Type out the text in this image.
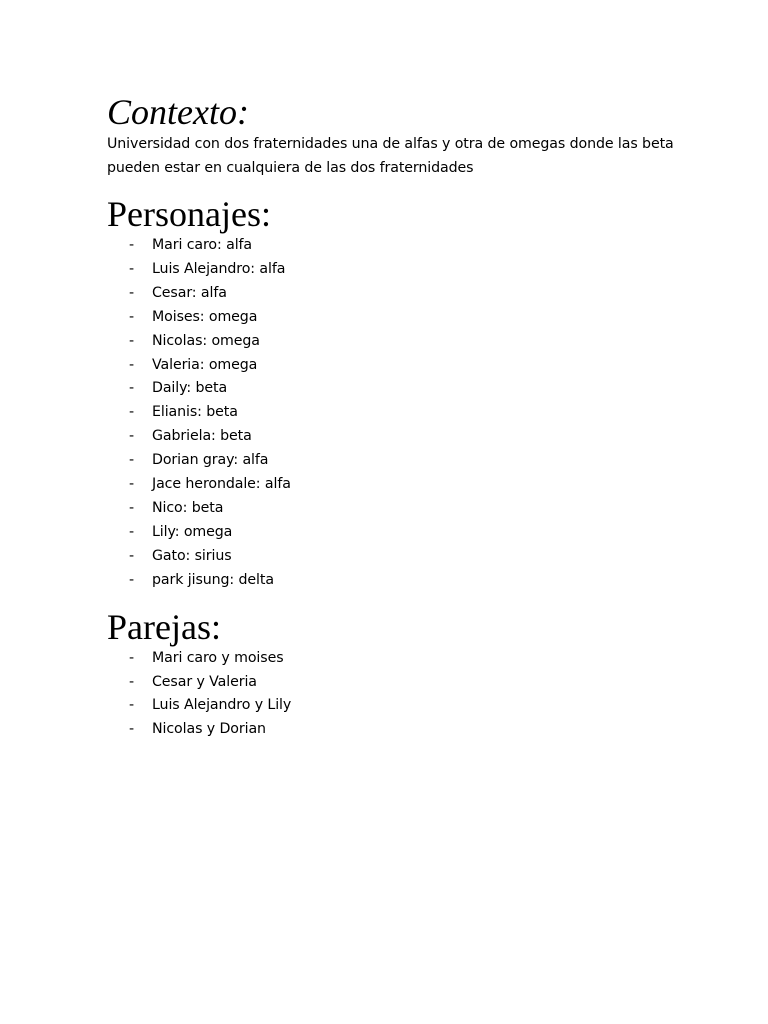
Contexto:

Universidad con dos fraternidades una de alfas y otra de omegas donde las beta pueden estar en cualquiera de las dos fraternidades

Personajes:
- Mari caro: alfa
- Luis Alejandro: alfa
- Cesar: alfa
- Moises: omega
- Nicolas: omega
- Valeria: omega
- Daily: beta
- Elianis: beta
- Gabriela: beta
- Dorian gray: alfa
- Jace herondale: alfa
- Nico: beta
- Lily: omega
- Gato: sirius
- park jisung: delta
Parejas:
- Mari caro y moises
- Cesar y Valeria
- Luis Alejandro y Lily
- Nicolas y Dorian
